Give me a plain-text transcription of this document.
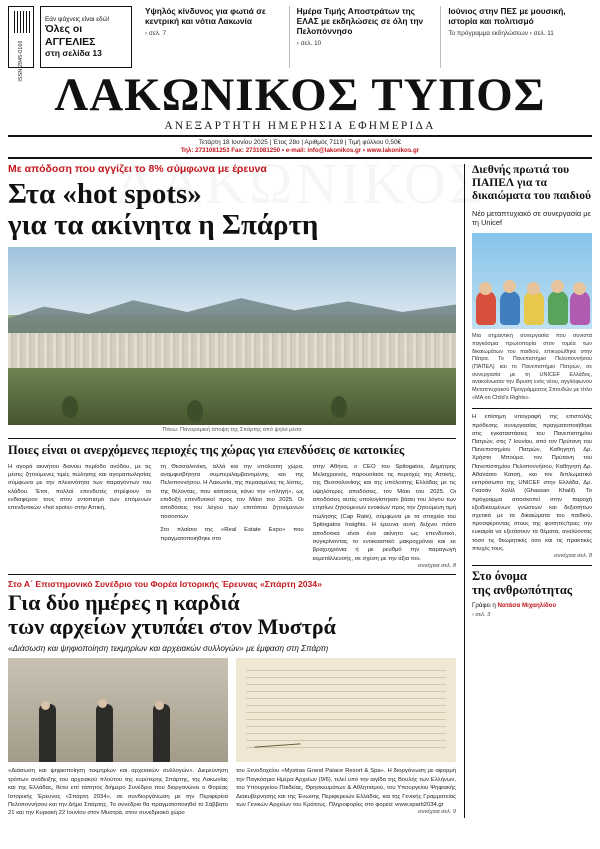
ISSN 2945-0160
Εάν ψάχνεις είναι εδώ!
Όλες οι ΑΓΓΕΛΙΕΣ
στη σελίδα 13
Υψηλός κίνδυνος για φωτιά σε κεντρική και νότια Λακωνία
› σελ. 7
Ημέρα Τιμής Αποστράτων της ΕΛΑΣ με εκδηλώσεις σε όλη την Πελοπόννησο
› σελ. 10
Ιούνιος στην ΠΕΣ με μουσική, ιστορία και πολιτισμό
Το πρόγραμμα εκδηλώσεων › σελ. 11
ΛΑΚΩΝΙΚΟΣ ΤΥΠΟΣ
ΑΝΕΞΑΡΤΗΤΗ ΗΜΕΡΗΣΙΑ ΕΦΗΜΕΡΙΔΑ
Τετάρτη 18 Ιουνίου 2025 | Έτος 28ο | Αριθμός 7119 | Τιμή φύλλου 0,50€
Τηλ: 2731081253 Fax: 2731081250 • e-mail: info@lakonikos.gr • www.lakonikos.gr
Με απόδοση που αγγίζει το 8% σύμφωνα με έρευνα
Στα «hot spots»
για τα ακίνητα η Σπάρτη
Πάνω: Πανοραμική άποψη της Σπάρτης από ψηλά μέσα
Ποιες είναι οι ανερχόμενες περιοχές της χώρας για επενδύσεις σε κατοικίες
Η αγορά ακινήτου διανύει περίοδο ανόδου, με τις μέσες ζητούμενες τιμές πώλησης και αγοραπωλησίας σύμφωνα με την πλειονότητα των παραγόντων του κλάδου. Έτσι, πολλοί επενδυτές στρέφουν το ενδιαφέρον τους στον εντοπισμό των επόμενων επενδυτικών «hot spots» στην Αττική,
τη Θεσσαλονίκη, αλλά και την υπόλοιπη χώρα, αναμφισβήτητα συμπεριλαμβανομένης και της Πελοποννήσου. Η Λακωνία, της περασμένες τις λίστες, της θέλοντας, που κάποιους κάνει την «πληγή», ως επιδοξή επενδυτικοί προς τον Μάιο του 2025. Οι αποδόσεις του λόγου των επιτόπου ζητούμενων ποσοστών
Στο πλαίσιο της «Real Estate Expo» που πραγματοποιήθηκε στο
στην Αθήνα, ο CEO του Spitogatos, Δημήτρης Μελαχροινός, παρουσίασε τις περιοχές της Αττικής, της Θεσσαλονίκης και της υπόλοιπης Ελλάδας με τις υψηλότερες αποδόσεις, τον Μάιο του 2025. Οι αποδόσεις αυτές υπολογίστηκαν βάσει του λόγου των ετησίων ζητούμενων ενοικίων προς την ζητούμενη τιμή πώλησης (Cap Rate), σύμφωνα με τα στοιχεία του Spitogatos Insights. Η έρευνα αυτή δείχνει πόσο αποδοτικά είναι ένα ακίνητο ως επενδυτικό, συγκρίνοντας το ενοικιαστικό μακροχρόνια και εκ βραχυχρόνια ή με ρευθμό την παραγωγή εκμετάλλευσής, σε σχέση με την άξια του.
συνέχεια σελ. 8
Στο Α΄ Επιστημονικό Συνέδριο του Φορέα Ιστορικής Έρευνας «Σπάρτη 2034»
Για δύο ημέρες η καρδιά
των αρχείων χτυπάει στον Μυστρά
«Διάσωση και ψηφιοποίηση τεκμηρίων και αρχειακών συλλογών» με έμφαση στη Σπάρτη
«Διάσωση και ψηφιοποίηση τεκμηρίων και αρχειακών συλλογών». Διερεύνηση τρόπων ανάδειξης του αρχειακού πλούτου της ευρύτερης Σπάρτης, της Λακωνίας και της Ελλάδας, θέτει επί τάπητος διήμερο Συνέδριο που διοργανώνει ο Φορέας Ιστορικής Έρευνας «Σπάρτη 2034», σε συνδιοργάνωση με την Περιφέρεια Πελοποννήσου και την Δήμο Σπάρτης. Το συνέδριο θα πραγματοποιηθεί το Σάββατο 21 και την Κυριακή 22 Ιουνίου στον Μυστρά, στον συνεδριακό χώρο
του Ξενοδοχείου «Mystras Grand Palace Resort & Spa». Η διοργάνωση με αφορμή την Παγκόσμια Ημέρα Αρχείων (9/6), τελεί υπό την αιγίδα της Βουλής των Ελλήνων, του Υπουργείου Παιδείας, Θρησκευμάτων & Αθλητισμού, του Υπουργείου Ψηφιακής Διακυβέρνησης και της Ένωσης Περιφερειών Ελλάδας, και της Γενικής Γραμματείας των Γενικών Αρχείων του Κράτους. Πληροφορίες στο φορέα: www.sparti2034.gr
συνέχεια σελ. 9
Διεθνής πρωτιά του ΠΑΠΕΛ για τα δικαιώματα του παιδιού
Νέο μεταπτυχιακό σε συνεργασία με τη Unicef
Μια σημαντική συνεργασία που συνιστά παγκόσμια πρωτοπορία στον τομέα των δικαιωμάτων του παιδιού, επικυρώθηκε στην Πάτρα. Το Πανεπιστήμιο Πελοποννήσου (ΠΑΠΕΛ) και το Πανεπιστήμιο Πατρών, σε συνεργασία με τη UNICEF Ελλάδος, ανακοίνωσαν την ίδρυση ενός νέου, αγγλόφωνου Μεταπτυχιακού Προγράμματος Σπουδών με τίτλο «MA on Child's Rights».
Η επίσημη υπογραφή της επιστολής πρόθεσης συνεργασίας πραγματοποιήθηκε στις εγκαταστάσεις του Πανεπιστημίου Πατρών, στις 7 Ιουνίου, από τον Πρύτανη του Πανεπιστημίου Πατρών, Καθηγητή Δρ. Χρήστο Μπούρα, τον Πρύτανη του Πανεπιστημίου Πελοποννήσου, Καθηγητή Δρ. Αθανάσιο Κατσή, και τον διπλωματικό εκπρόσωπο της UNICEF στην Ελλάδα, Δρ. Γκασάν Χαλίλ (Ghassan Khalil). Το πρόγραμμα αποσκοπεί στην παροχή εξειδικευμένων γνώσεων και δεξιοτήτων σχετικά με τα δικαιώματα του παιδιού, προσφέροντας στους της φοιτητές/τριες την ευκαιρία να εξετάσουν τα θέματα, αναλύοντας τόσο τις θεωρητικές όσο και τις πρακτικές πτυχές τους.
συνέχεια σελ. 8
Στο όνομα
της ανθρωπότητας
Γράφει η Νατάσα Μιχαηλίδου
› σελ. 3
